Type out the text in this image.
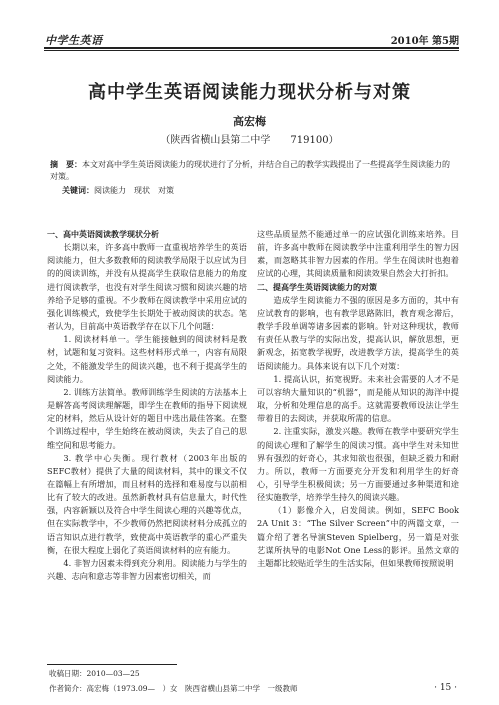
中学生英语	2010年 第5期
高中学生英语阅读能力现状分析与对策
高宏梅
（陕西省横山县第二中学　　719100）
摘　要：本文对高中学生英语阅读能力的现状进行了分析，并结合自己的教学实践提出了一些提高学生阅读能力的对策。
关键词：阅读能力　现状　对策

一、高中英语阅读教学现状分析

长期以来，许多高中教师一直重视培养学生的英语阅读能力，但大多数教师的阅读教学局限于以应试为目的的阅读训练，并没有从提高学生获取信息能力的角度进行阅读教学，也没有对学生阅读习惯和阅读兴趣的培养给予足够的重视。不少教师在阅读教学中采用应试的强化训练模式，致使学生长期处于被动阅读的状态。笔者认为，目前高中英语教学存在以下几个问题：

1. 阅读材料单一。学生能接触到的阅读材料是教材，试题和复习资料。这些材料形式单一，内容有局限之处，不能激发学生的阅读兴趣，也不利于提高学生的阅读能力。

2. 训练方法简单。教师训练学生阅读的方法基本上是解答高考阅读理解题，即学生在教师的指导下阅读规定的材料，然后从设计好的题目中选出最佳答案。在整个训练过程中，学生始终在被动阅读，失去了自己的思维空间和思考能力。

3. 教学中心失衡。现行教材（2003年出版的SEFC教材）提供了大量的阅读材料，其中的课文不仅在篇幅上有所增加，而且材料的选择和难易度与以前相比有了较大的改进。虽然新教材具有信息量大，时代性强，内容新颖以及符合中学生阅读心理的兴趣等优点，但在实际教学中，不少教师仍然把阅读材料分成孤立的语言知识点进行教学，致使高中英语教学的重心严重失衡，在很大程度上弱化了英语阅读材料的应有能力。

4. 非智力因素未得到充分利用。阅读能力与学生的兴趣、志向和意志等非智力因素密切相关，而

这些品质显然不能通过单一的应试强化训练来培养。目前，许多高中教师在阅读教学中注重利用学生的智力因素，而忽略其非智力因素的作用。学生在阅读时也抱着应试的心理，其阅读质量和阅读效果自然会大打折扣。

二、提高学生英语阅读能力的对策

造成学生阅读能力不强的原因是多方面的，其中有应试教育的影响，也有教学思路陈旧，教育观念滞后，教学手段单调等诸多因素的影响。针对这种现状，教师有责任从教与学的实际出发，提高认识，解放思想，更新观念，拓宽教学视野，改进教学方法，提高学生的英语阅读能力。具体来说有以下几个对策：

1. 提高认识，拓宽视野。未来社会需要的人才不是可以容纳大量知识的“机器”，而是能从知识的海洋中提取，分析和处理信息的高手。这就需要教师设法让学生带着目的去阅读，并获取所需的信息。

2. 注重实际，激发兴趣。教师在教学中要研究学生的阅读心理和了解学生的阅读习惯。高中学生对未知世界有强烈的好奇心，其求知欲也很强，但缺乏毅力和耐力。所以，教师一方面要充分开发和利用学生的好奇心，引导学生积极阅读；另一方面要通过多种渠道和途径实施教学，培养学生持久的阅读兴趣。

（1）影像介入，启发阅读。例如，SEFC Book 2A Unit 3：“The Silver Screen”中的两篇文章，一篇介绍了著名导演Steven Spielberg，另一篇是对张艺谋所执导的电影Not One Less的影评。虽然文章的主题都比较贴近学生的生活实际，但如果教师按照说明

收稿日期：2010—03—25
作者简介：高宏梅（1973.09—　）女　陕西省横山县第二中学　一级教师	· 15 ·
